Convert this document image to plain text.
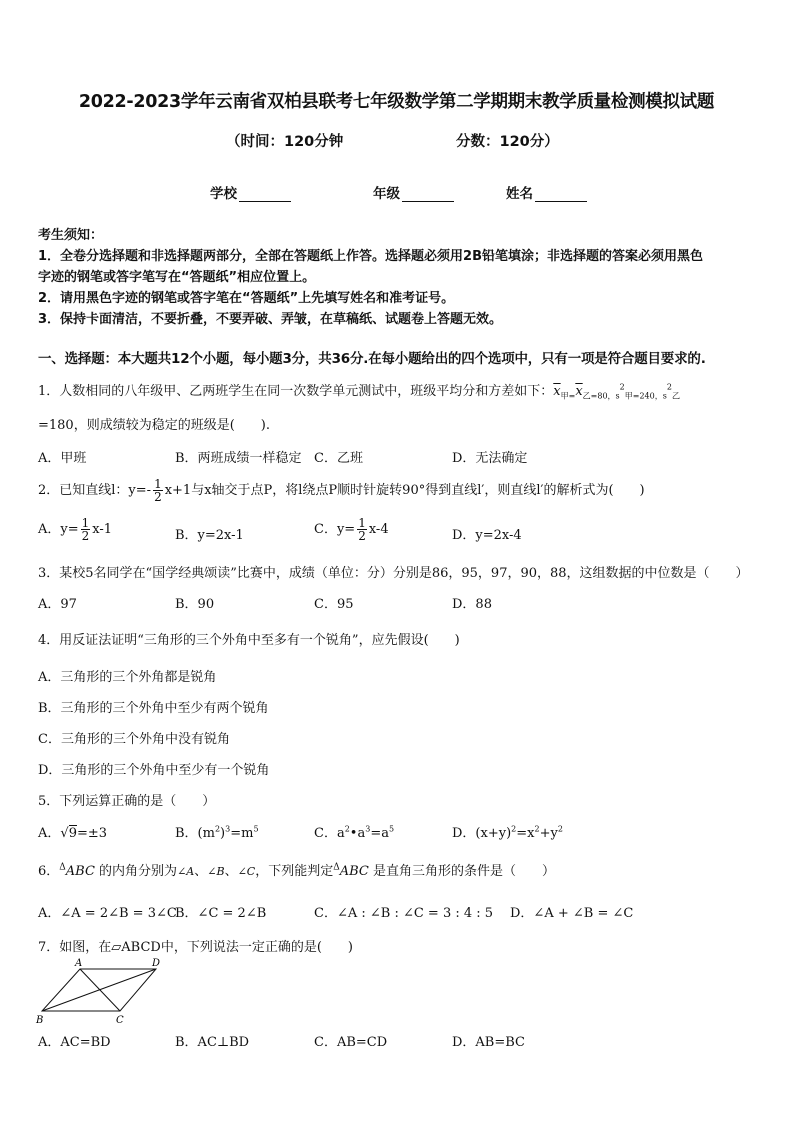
2022-2023学年云南省双柏县联考七年级数学第二学期期末教学质量检测模拟试题
（时间：120分钟	分数：120分）
学校	年级	姓名
考生须知：
1．全卷分选择题和非选择题两部分，全部在答题纸上作答。选择题必须用2B铅笔填涂；非选择题的答案必须用黑色
字迹的钢笔或答字笔写在“答题纸”相应位置上。
2．请用黑色字迹的钢笔或答字笔在“答题纸”上先填写姓名和准考证号。
3．保持卡面清洁，不要折叠，不要弄破、弄皱，在草稿纸、试题卷上答题无效。
一、选择题：本大题共12个小题，每小题3分，共36分.在每小题给出的四个选项中，只有一项是符合题目要求的.
1．人数相同的八年级甲、乙两班学生在同一次数学单元测试中，班级平均分和方差如下：$\overline{x}_{甲=}\overline{x}_{乙=80,s}^2_{甲=240,s}^2_乙$
=180，则成绩较为稳定的班级是(　　).
A．甲班	B．两班成绩一样稳定 C．乙班	D．无法确定
2．已知直线l：$y=- \frac{1}{2} x+1$与x轴交于点P，将l绕点P顺时针旋转90°得到直线l′，则直线l′的解析式为(　　)
A．$y= \frac{1}{2} x-1$	B．y=2x-1	C．$y= \frac{1}{2} x-4$	D．y=2x-4
3．某校5名同学在“国学经典颂读”比赛中，成绩（单位：分）分别是86，95，97，90，88，这组数据的中位数是（　　）
A．97	B．90	C．95	D．88
4．用反证法证明“三角形的三个外角中至多有一个锐角”，应先假设(　　)
A．三角形的三个外角都是锐角
B．三角形的三个外角中至少有两个锐角
C．三角形的三个外角中没有锐角
D．三角形的三个外角中至少有一个锐角
5．下列运算正确的是（　　）
A．√9=±3	B．$(m^2)^3=m^5$	C．$a^2•a^3=a^5$	D．$(x+y)^2=x^2+y^2$
6．$^\Delta$ABC 的内角分别为∠A、∠B、∠C，下列能判定$^\Delta$ABC 是直角三角形的条件是（　　）
A．∠A = 2∠B = 3∠C
B．∠C = 2∠B	C．∠A : ∠B : ∠C = 3 : 4 : 5 D．∠A + ∠B = ∠C
7．如图，在▱ABCD中，下列说法一定正确的是(　　)
A	D
B	C
A．AC=BD	B．AC⊥BD	C．AB=CD	D．AB=BC
